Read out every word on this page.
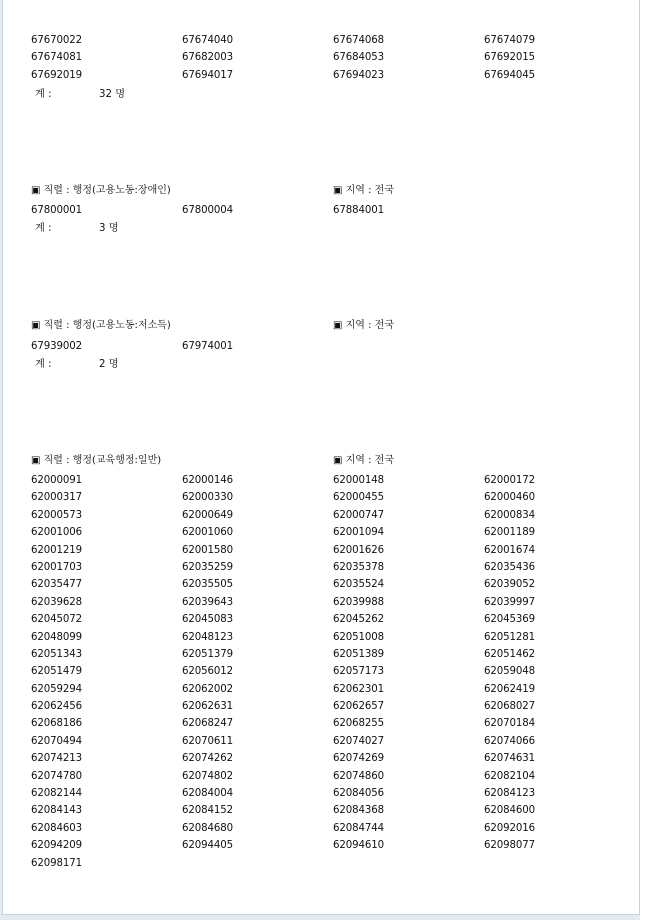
67670022	67674040	67674068	67674079
67674081	67682003	67684053	67692015
67692019	67694017	67694023	67694045
계 :	32 명
▣ 직렬 : 행정(고용노동:장애인)	▣ 지역 : 전국
67800001	67800004	67884001
계 :	3 명
▣ 직렬 : 행정(고용노동:저소득)	▣ 지역 : 전국
67939002	67974001
계 :	2 명
▣ 직렬 : 행정(교육행정:일반)	▣ 지역 : 전국
62000091	62000146	62000148	62000172
62000317	62000330	62000455	62000460
62000573	62000649	62000747	62000834
62001006	62001060	62001094	62001189
62001219	62001580	62001626	62001674
62001703	62035259	62035378	62035436
62035477	62035505	62035524	62039052
62039628	62039643	62039988	62039997
62045072	62045083	62045262	62045369
62048099	62048123	62051008	62051281
62051343	62051379	62051389	62051462
62051479	62056012	62057173	62059048
62059294	62062002	62062301	62062419
62062456	62062631	62062657	62068027
62068186	62068247	62068255	62070184
62070494	62070611	62074027	62074066
62074213	62074262	62074269	62074631
62074780	62074802	62074860	62082104
62082144	62084004	62084056	62084123
62084143	62084152	62084368	62084600
62084603	62084680	62084744	62092016
62094209	62094405	62094610	62098077
62098171
